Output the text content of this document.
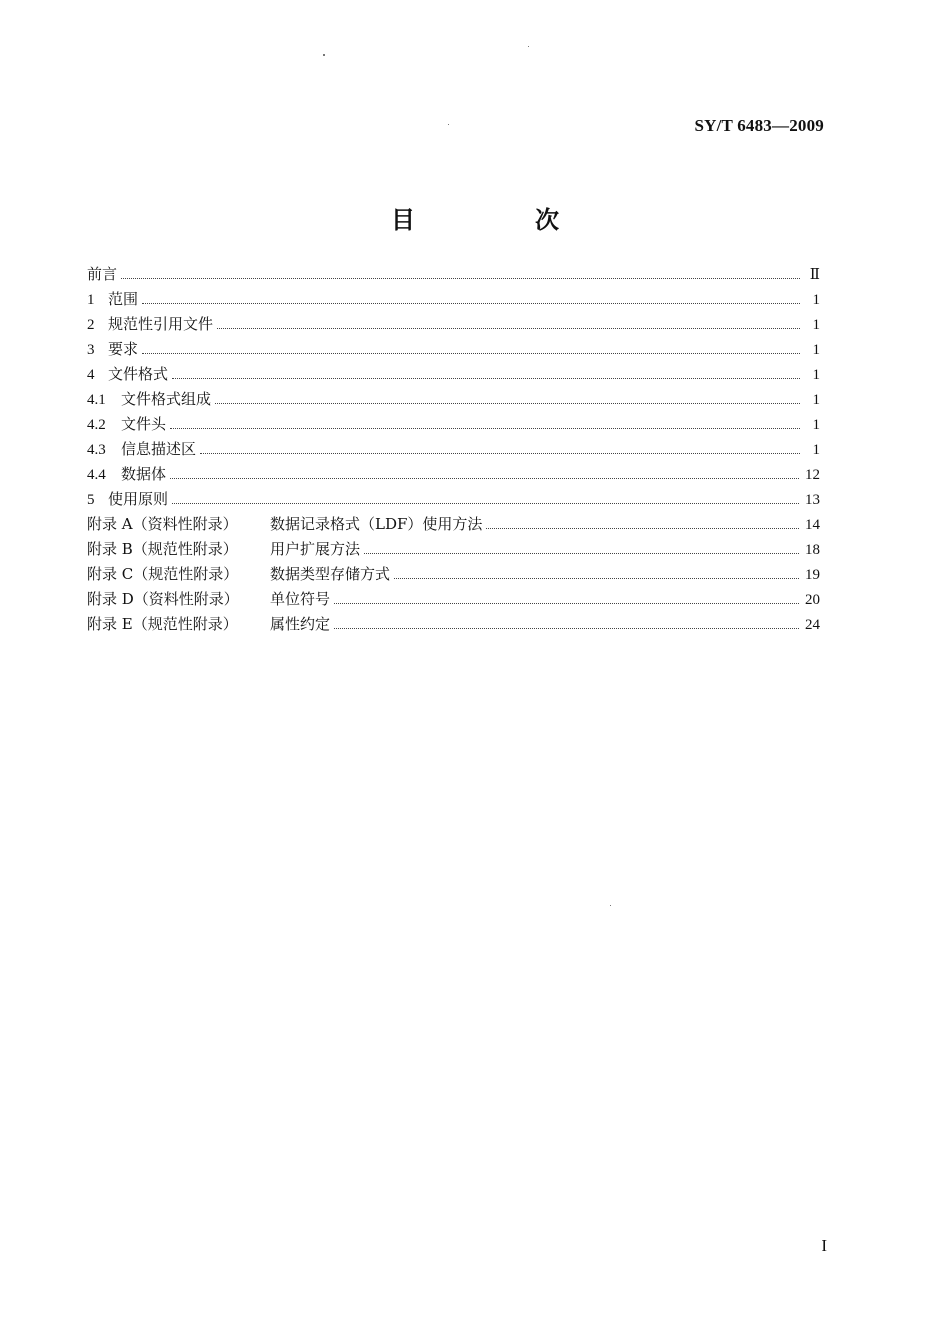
SY/T 6483—2009
目　次
前言	Ⅱ
1 范围	1
2 规范性引用文件	1
3 要求	1
4 文件格式	1
4.1	文件格式组成	1
4.2	文件头	1
4.3	信息描述区	1
4.4	数据体	12
5 使用原则	13
附录 A（资料性附录）	数据记录格式（LDF）使用方法	14
附录 B（规范性附录）	用户扩展方法	18
附录 C（规范性附录）	数据类型存储方式	19
附录 D（资料性附录）	单位符号	20
附录 E（规范性附录）	属性约定	24
I
